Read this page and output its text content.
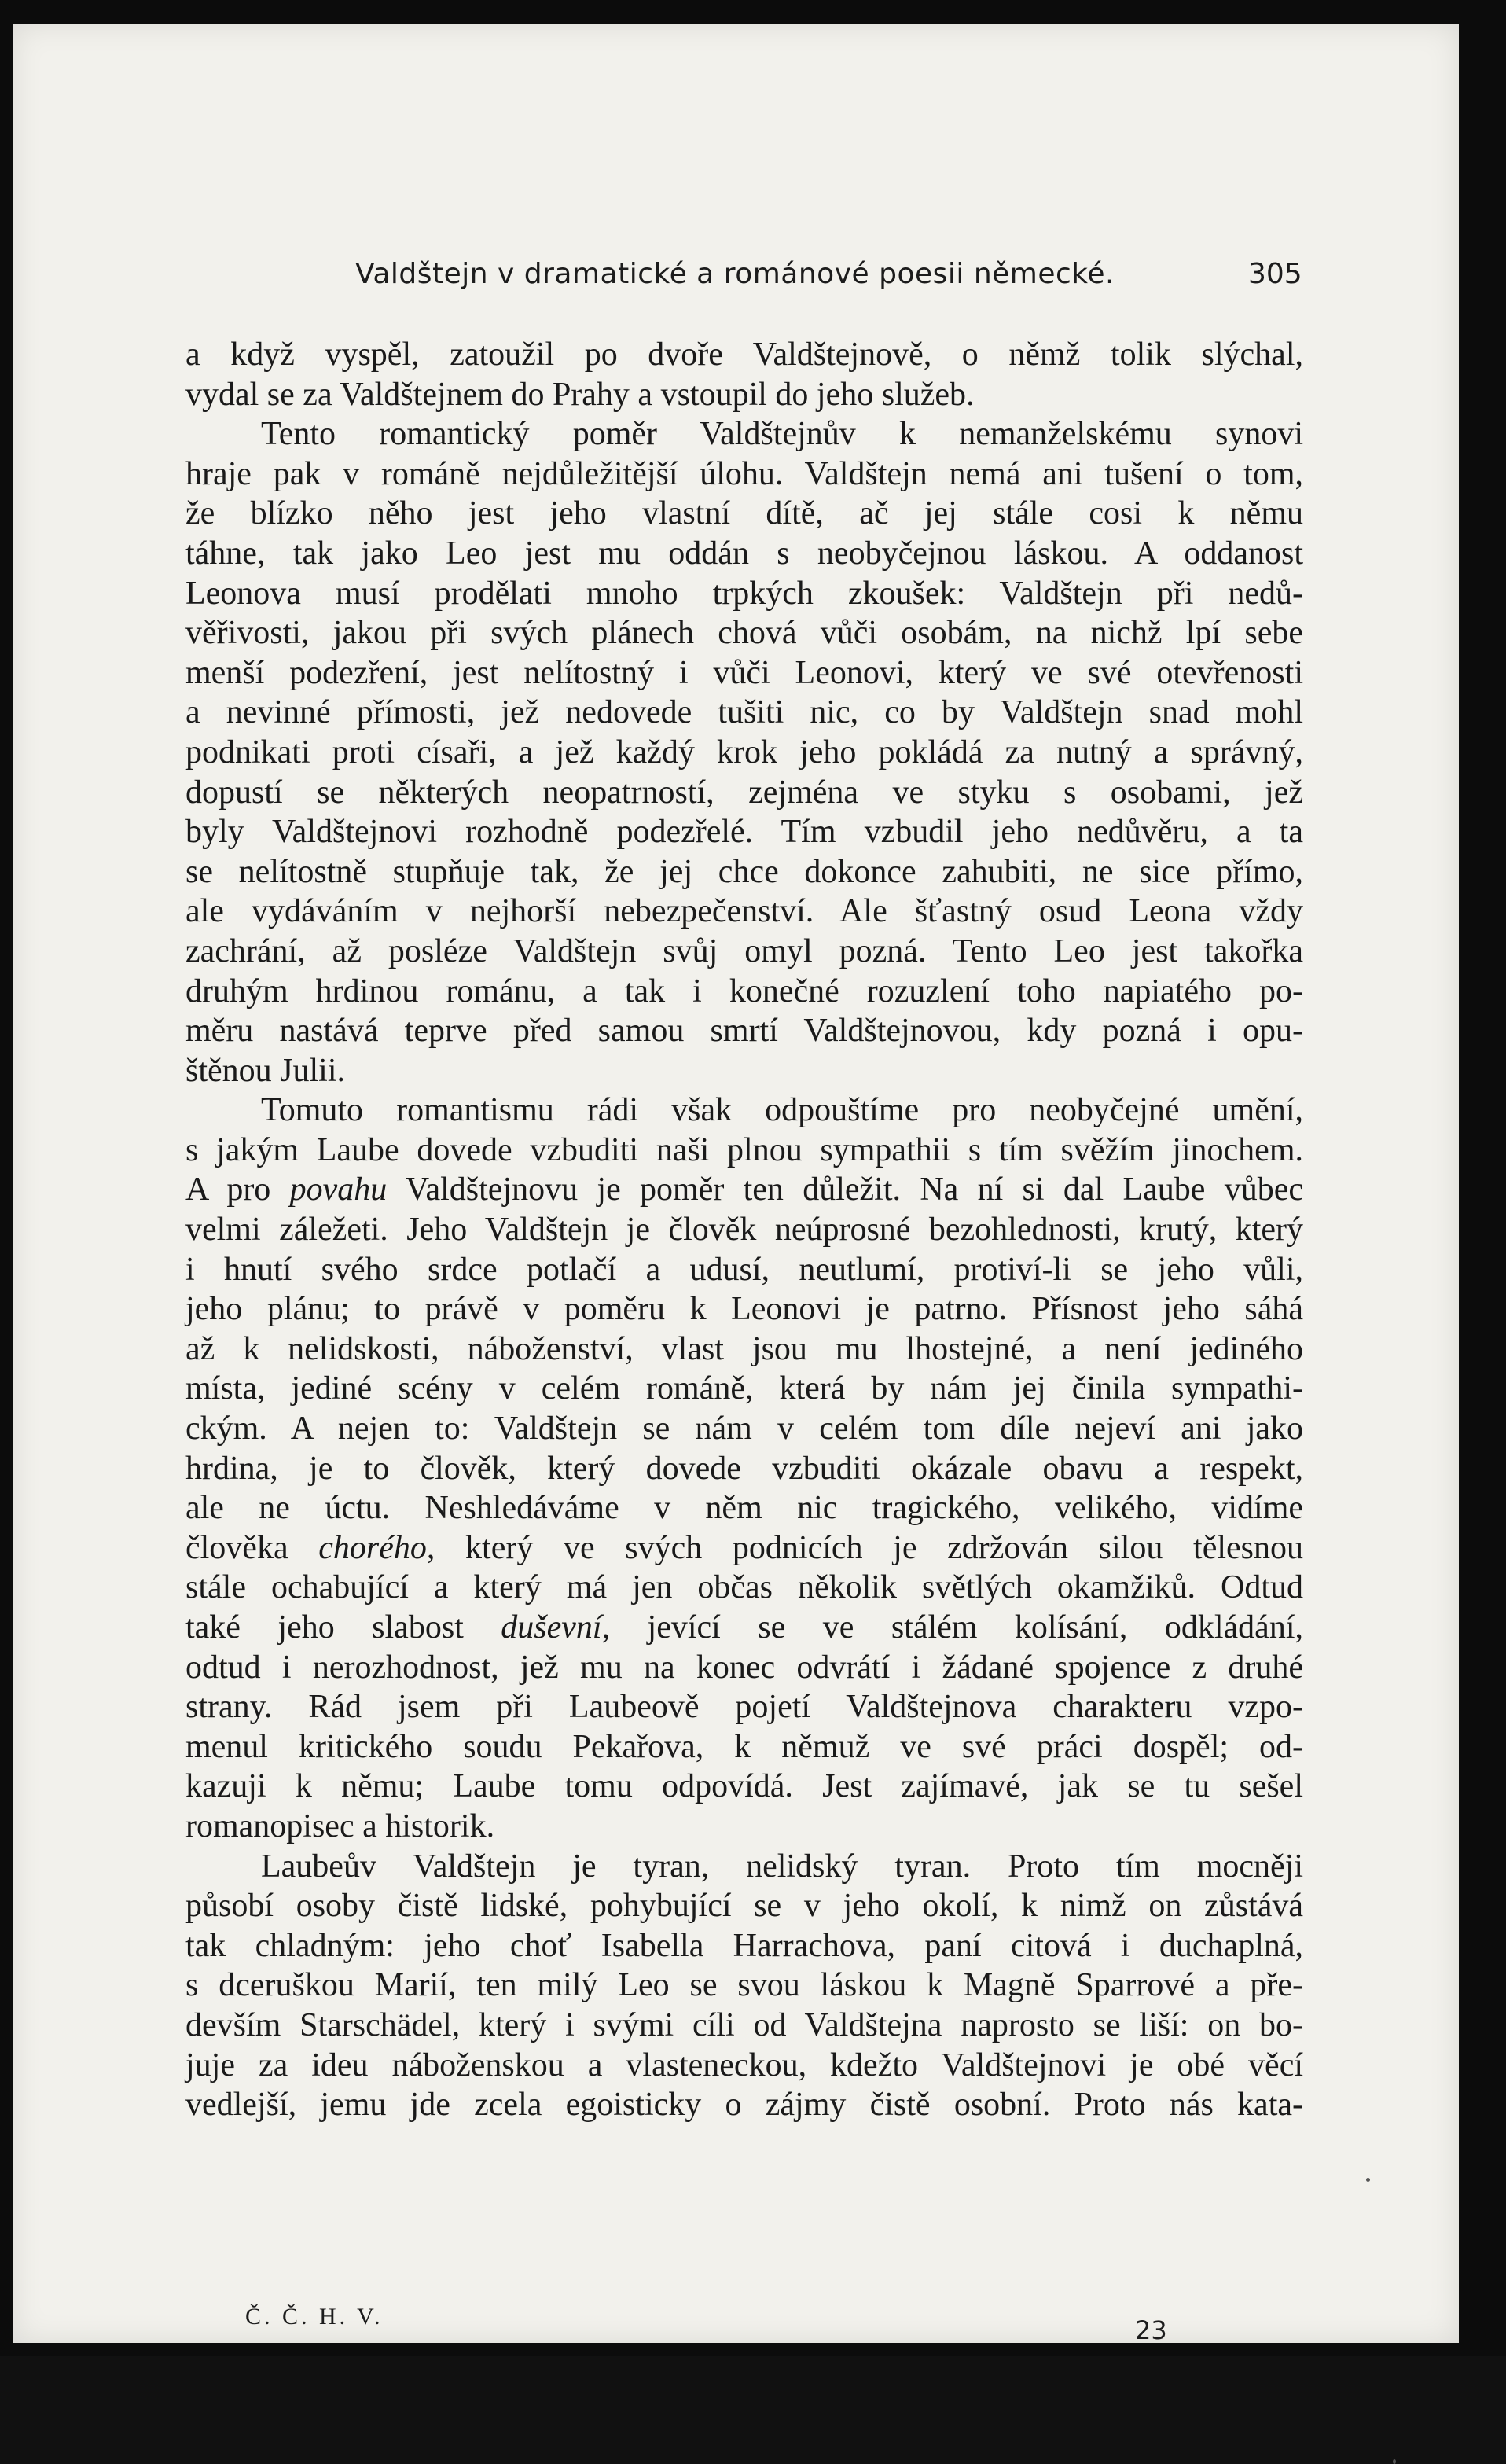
Valdštejn v dramatické a románové poesii německé.	305
a když vyspěl, zatoužil po dvoře Valdštejnově, o němž tolik slýchal,
vydal se za Valdštejnem do Prahy a vstoupil do jeho služeb.
Tento romantický poměr Valdštejnův k nemanželskému synovi
hraje pak v románě nejdůležitější úlohu. Valdštejn nemá ani tušení o tom,
že blízko něho jest jeho vlastní dítě, ač jej stále cosi k němu
táhne, tak jako Leo jest mu oddán s neobyčejnou láskou. A oddanost
Leonova musí prodělati mnoho trpkých zkoušek: Valdštejn při nedů-
věřivosti, jakou při svých plánech chová vůči osobám, na nichž lpí sebe
menší podezření, jest nelítostný i vůči Leonovi, který ve své otevřenosti
a nevinné přímosti, jež nedovede tušiti nic, co by Valdštejn snad mohl
podnikati proti císaři, a jež každý krok jeho pokládá za nutný a správný,
dopustí se některých neopatrností, zejména ve styku s osobami, jež
byly Valdštejnovi rozhodně podezřelé. Tím vzbudil jeho nedůvěru, a ta
se nelítostně stupňuje tak, že jej chce dokonce zahubiti, ne sice přímo,
ale vydáváním v nejhorší nebezpečenství. Ale šťastný osud Leona vždy
zachrání, až posléze Valdštejn svůj omyl pozná. Tento Leo jest takořka
druhým hrdinou románu, a tak i konečné rozuzlení toho napiatého po-
měru nastává teprve před samou smrtí Valdštejnovou, kdy pozná i opu-
štěnou Julii.
Tomuto romantismu rádi však odpouštíme pro neobyčejné umění,
s jakým Laube dovede vzbuditi naši plnou sympathii s tím svěžím jinochem.
A pro povahu Valdštejnovu je poměr ten důležit. Na ní si dal Laube vůbec
velmi záležeti. Jeho Valdštejn je člověk neúprosné bezohlednosti, krutý, který
i hnutí svého srdce potlačí a udusí, neutlumí, protiví-li se jeho vůli,
jeho plánu; to právě v poměru k Leonovi je patrno. Přísnost jeho sáhá
až k nelidskosti, náboženství, vlast jsou mu lhostejné, a není jediného
místa, jediné scény v celém románě, která by nám jej činila sympathi-
ckým. A nejen to: Valdštejn se nám v celém tom díle nejeví ani jako
hrdina, je to člověk, který dovede vzbuditi okázale obavu a respekt,
ale ne úctu. Neshledáváme v něm nic tragického, velikého, vidíme
člověka chorého, který ve svých podnicích je zdržován silou tělesnou
stále ochabující a který má jen občas několik světlých okamžiků. Odtud
také jeho slabost duševní, jevící se ve stálém kolísání, odkládání,
odtud i nerozhodnost, jež mu na konec odvrátí i žádané spojence z druhé
strany. Rád jsem při Laubeově pojetí Valdštejnova charakteru vzpo-
menul kritického soudu Pekařova, k němuž ve své práci dospěl; od-
kazuji k němu; Laube tomu odpovídá. Jest zajímavé, jak se tu sešel
romanopisec a historik.
Laubeův Valdštejn je tyran, nelidský tyran. Proto tím mocněji
působí osoby čistě lidské, pohybující se v jeho okolí, k nimž on zůstává
tak chladným: jeho choť Isabella Harrachova, paní citová i duchaplná,
s dceruškou Marií, ten milý Leo se svou láskou k Magně Sparrové a pře-
devším Starschädel, který i svými cíli od Valdštejna naprosto se liší: on bo-
juje za ideu náboženskou a vlasteneckou, kdežto Valdštejnovi je obé věcí
vedlejší, jemu jde zcela egoisticky o zájmy čistě osobní. Proto nás kata-
Č. Č. H. V.	23
